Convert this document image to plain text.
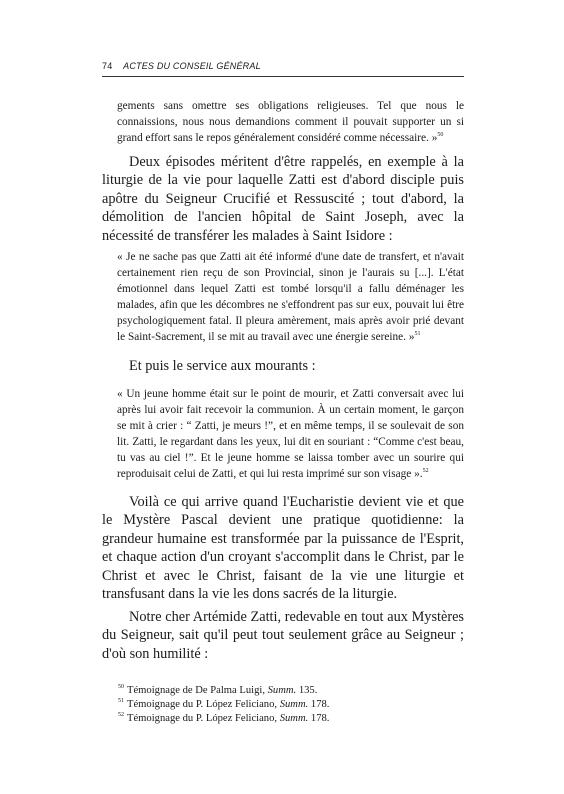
74 ACTES DU CONSEIL GÉNÉRAL

gements sans omettre ses obligations religieuses. Tel que nous le connaissions, nous nous demandions comment il pouvait supporter un si grand effort sans le repos généralement considéré comme nécessaire. »$^{50}$

Deux épisodes méritent d'être rappelés, en exemple à la liturgie de la vie pour laquelle Zatti est d'abord disciple puis apôtre du Seigneur Crucifié et Ressuscité ; tout d'abord, la démolition de l'ancien hôpital de Saint Joseph, avec la nécessité de transférer les malades à Saint Isidore :

« Je ne sache pas que Zatti ait été informé d'une date de transfert, et n'avait certainement rien reçu de son Provincial, sinon je l'aurais su [...]. L'état émotionnel dans lequel Zatti est tombé lorsqu'il a fallu déménager les malades, afin que les décombres ne s'effondrent pas sur eux, pouvait lui être psychologiquement fatal. Il pleura amèrement, mais après avoir prié devant le Saint-Sacrement, il se mit au travail avec une énergie sereine. »$^{51}$

Et puis le service aux mourants :

« Un jeune homme était sur le point de mourir, et Zatti conversait avec lui après lui avoir fait recevoir la communion. À un certain moment, le garçon se mit à crier : “ Zatti, je meurs !”, et en même temps, il se soulevait de son lit. Zatti, le regardant dans les yeux, lui dit en souriant : “Comme c'est beau, tu vas au ciel !”. Et le jeune homme se laissa tomber avec un sourire qui reproduisait celui de Zatti, et qui lui resta imprimé sur son visage ».$^{52}$

Voilà ce qui arrive quand l'Eucharistie devient vie et que le Mystère Pascal devient une pratique quotidienne: la grandeur humaine est transformée par la puissance de l'Esprit, et chaque action d'un croyant s'accomplit dans le Christ, par le Christ et avec le Christ, faisant de la vie une liturgie et transfusant dans la vie les dons sacrés de la liturgie.

Notre cher Artémide Zatti, redevable en tout aux Mystères du Seigneur, sait qu'il peut tout seulement grâce au Seigneur ; d'où son humilité :

$^{50}$ Témoignage de De Palma Luigi, Summ. 135.
$^{51}$ Témoignage du P. López Feliciano, Summ. 178.
$^{52}$ Témoignage du P. López Feliciano, Summ. 178.
